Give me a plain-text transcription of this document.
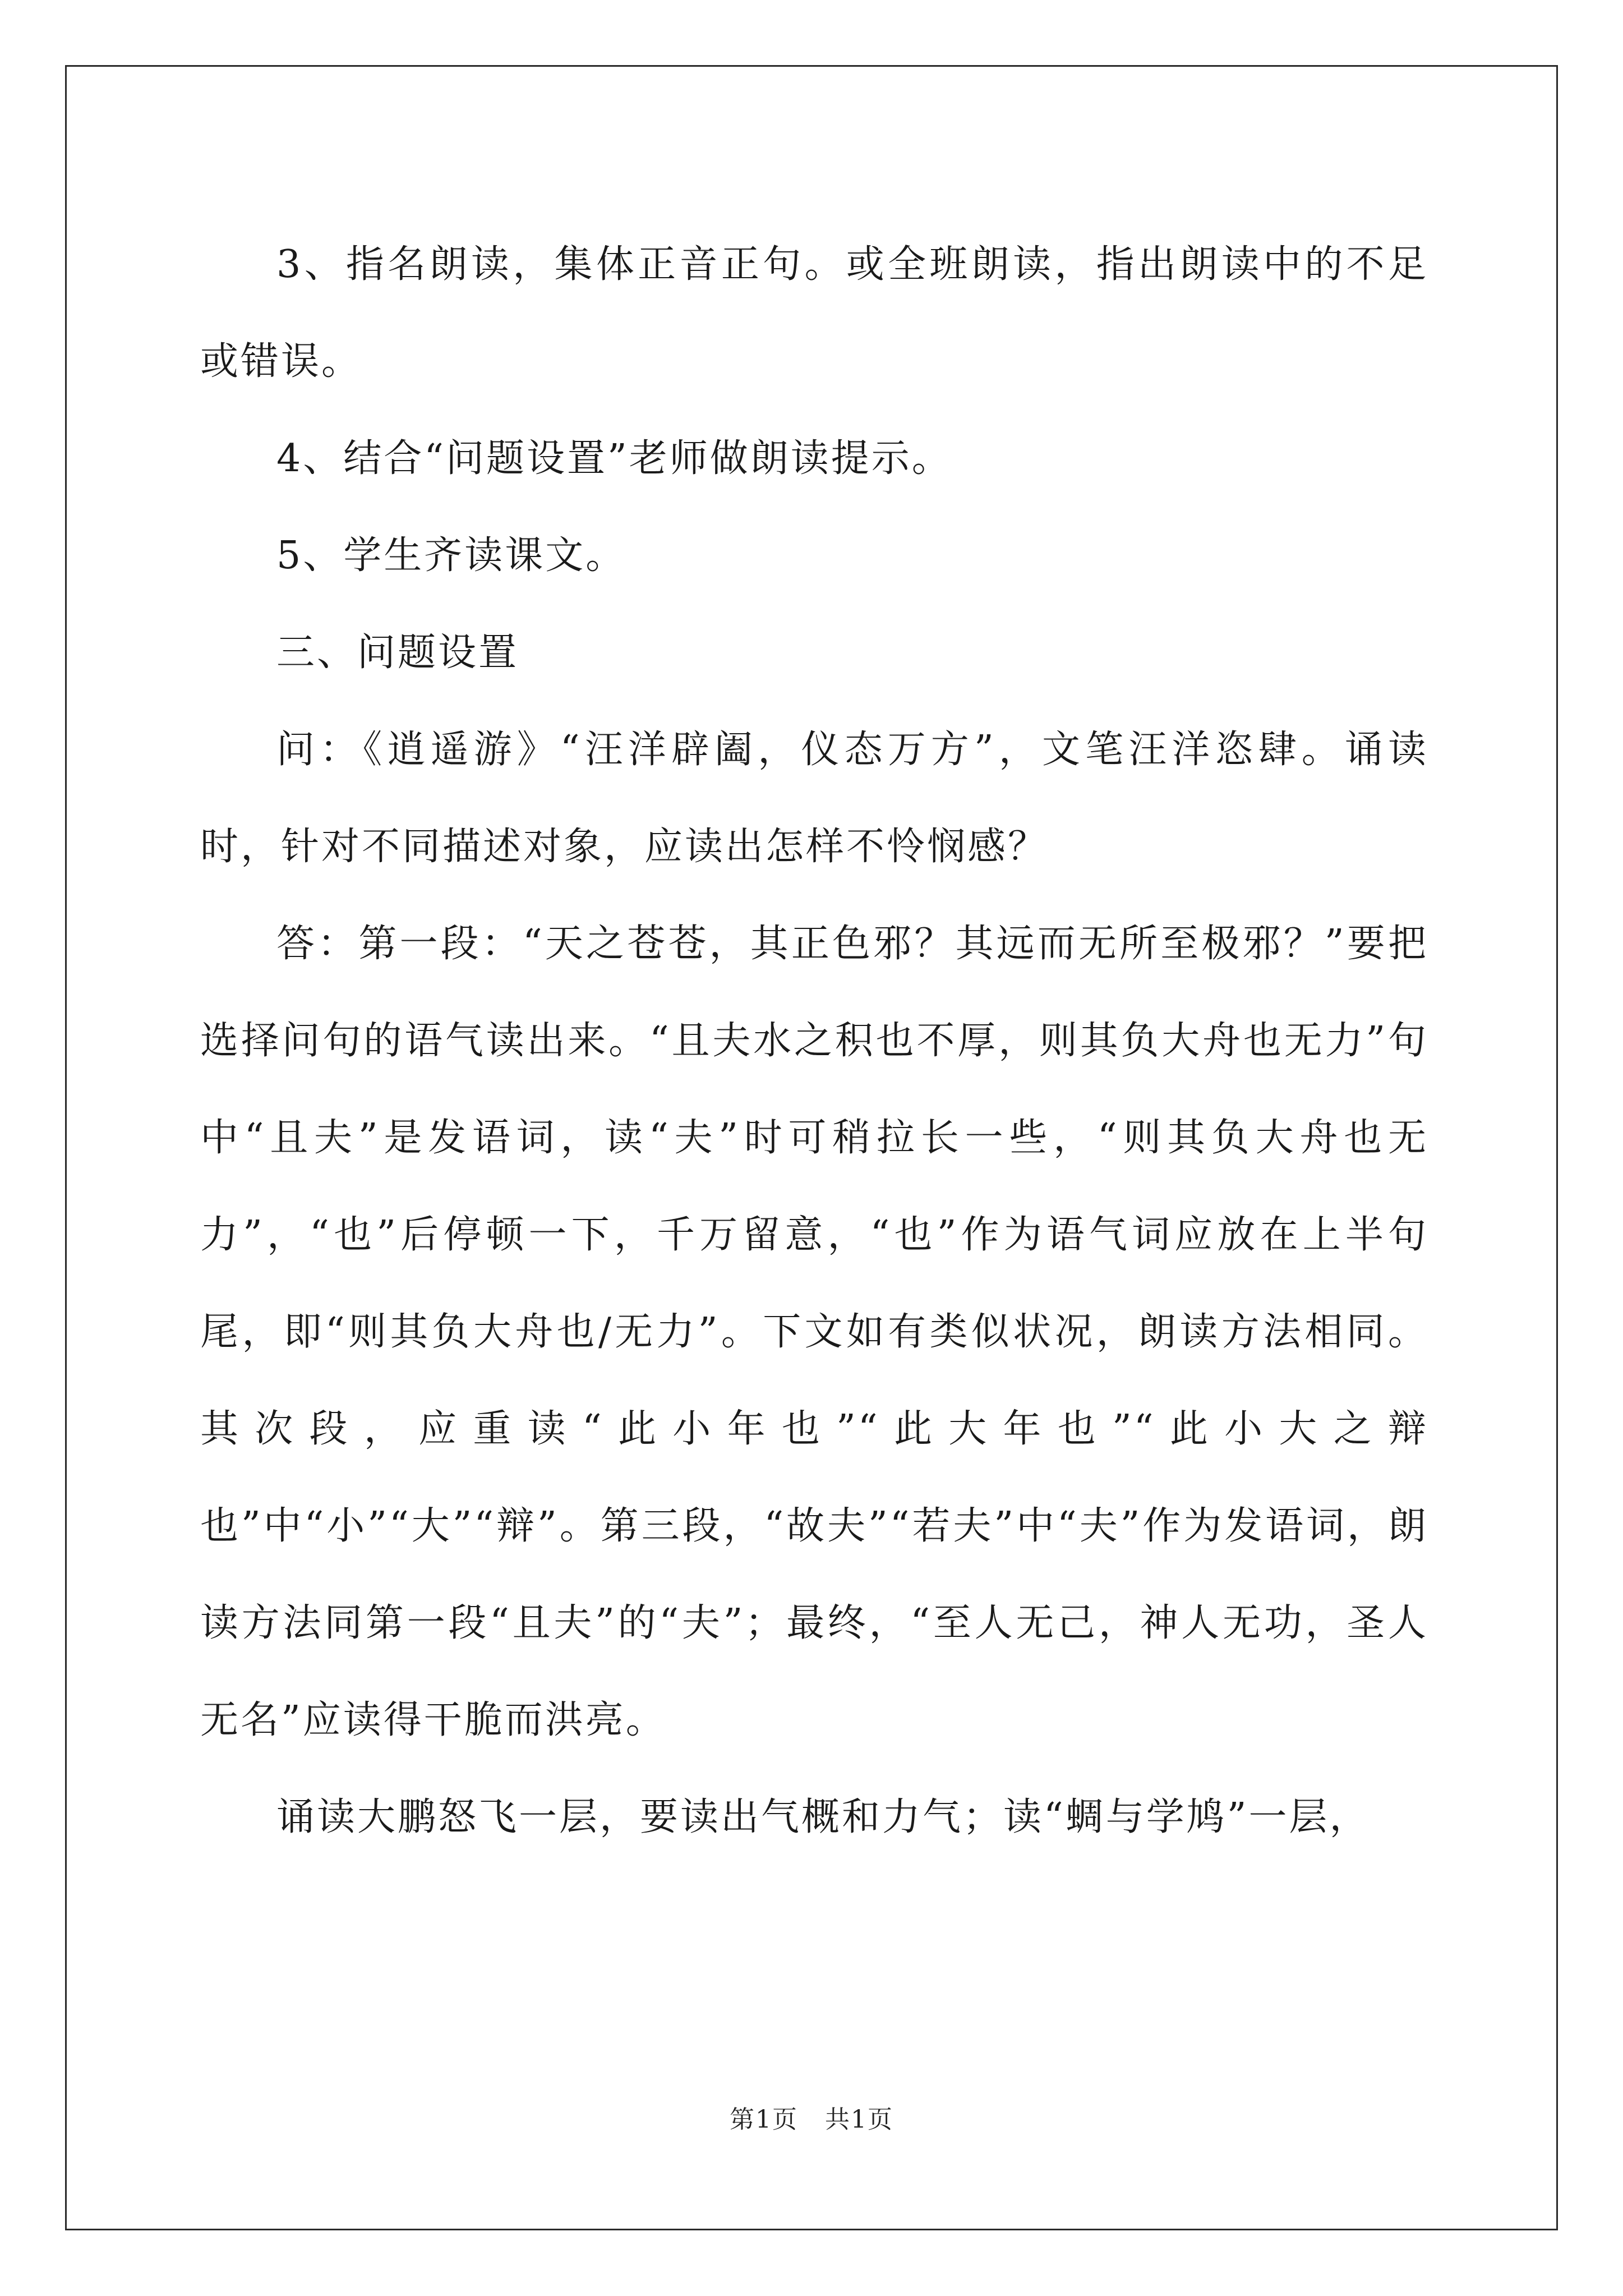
3、指名朗读，集体正音正句。或全班朗读，指出朗读中的不足或错误。

4、结合“问题设置”老师做朗读提示。

5、学生齐读课文。

三、问题设置

问：《逍遥游》“汪洋辟阖，仪态万方”，文笔汪洋恣肆。诵读时，针对不同描述对象，应读出怎样不怜悯感？

答：第一段：“天之苍苍，其正色邪？其远而无所至极邪？”要把选择问句的语气读出来。“且夫水之积也不厚，则其负大舟也无力”句中“且夫”是发语词，读“夫”时可稍拉长一些，“则其负大舟也无力”，“也”后停顿一下，千万留意，“也”作为语气词应放在上半句尾，即“则其负大舟也/无力”。下文如有类似状况，朗读方法相同。其次段，应重读“此小年也”“此大年也”“此小大之辩也”中“小”“大”“辩”。第三段，“故夫”“若夫”中“夫”作为发语词，朗读方法同第一段“且夫”的“夫”；最终，“至人无己，神人无功，圣人无名”应读得干脆而洪亮。

诵读大鹏怒飞一层，要读出气概和力气；读“蜩与学鸠”一层，

第1页 共1页
